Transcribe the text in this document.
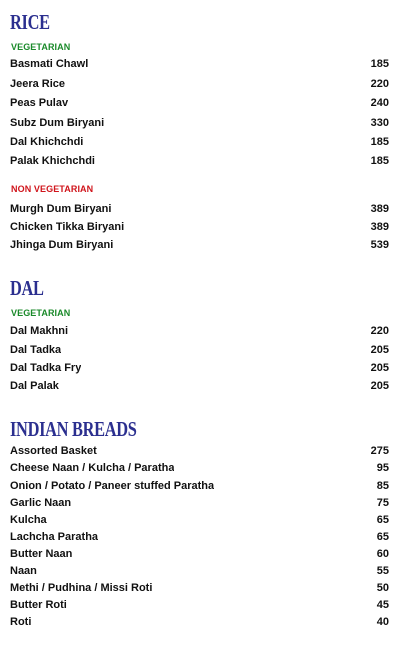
RICE
VEGETARIAN
Basmati Chawl	185
Jeera Rice	220
Peas Pulav	240
Subz Dum Biryani	330
Dal Khichchdi	185
Palak Khichchdi	185
NON VEGETARIAN
Murgh Dum Biryani	389
Chicken Tikka Biryani	389
Jhinga Dum Biryani	539
DAL
VEGETARIAN
Dal Makhni	220
Dal Tadka	205
Dal Tadka Fry	205
Dal Palak	205
INDIAN BREADS
Assorted Basket	275
Cheese Naan / Kulcha / Paratha	95
Onion / Potato / Paneer stuffed Paratha	85
Garlic Naan	75
Kulcha	65
Lachcha Paratha	65
Butter Naan	60
Naan	55
Methi / Pudhina / Missi Roti	50
Butter Roti	45
Roti	40
